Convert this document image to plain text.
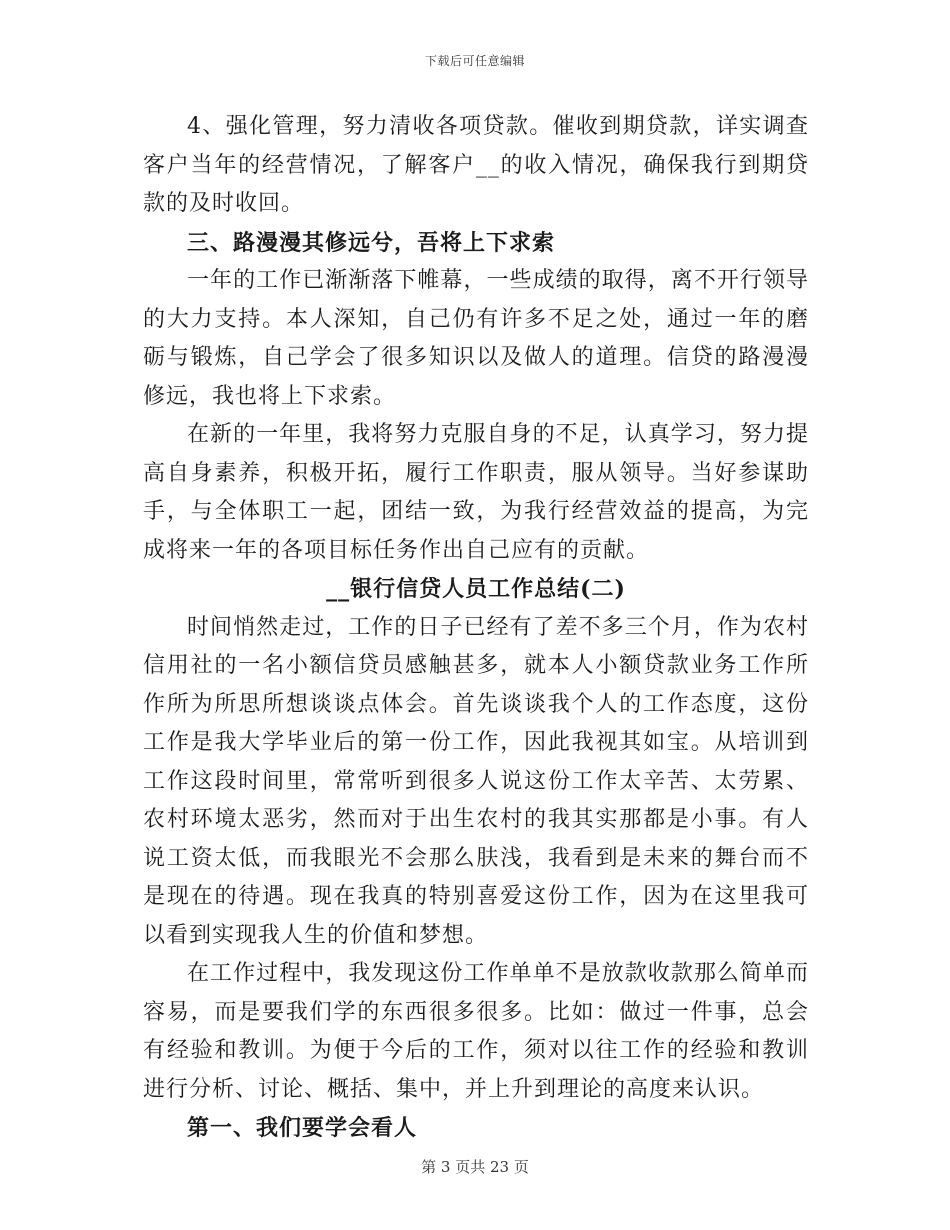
下载后可任意编辑

4、强化管理，努力清收各项贷款。催收到期贷款，详实调查客户当年的经营情况，了解客户__的收入情况，确保我行到期贷款的及时收回。

三、路漫漫其修远兮，吾将上下求索

一年的工作已渐渐落下帷幕，一些成绩的取得，离不开行领导的大力支持。本人深知，自己仍有许多不足之处，通过一年的磨砺与锻炼，自己学会了很多知识以及做人的道理。信贷的路漫漫修远，我也将上下求索。

在新的一年里，我将努力克服自身的不足，认真学习，努力提高自身素养，积极开拓，履行工作职责，服从领导。当好参谋助手，与全体职工一起，团结一致，为我行经营效益的提高，为完成将来一年的各项目标任务作出自己应有的贡献。

__银行信贷人员工作总结(二)

时间悄然走过，工作的日子已经有了差不多三个月，作为农村信用社的一名小额信贷员感触甚多，就本人小额贷款业务工作所作所为所思所想谈谈点体会。首先谈谈我个人的工作态度，这份工作是我大学毕业后的第一份工作，因此我视其如宝。从培训到工作这段时间里，常常听到很多人说这份工作太辛苦、太劳累、农村环境太恶劣，然而对于出生农村的我其实那都是小事。有人说工资太低，而我眼光不会那么肤浅，我看到是未来的舞台而不是现在的待遇。现在我真的特别喜爱这份工作，因为在这里我可以看到实现我人生的价值和梦想。

在工作过程中，我发现这份工作单单不是放款收款那么简单而容易，而是要我们学的东西很多很多。比如：做过一件事，总会有经验和教训。为便于今后的工作，须对以往工作的经验和教训进行分析、讨论、概括、集中，并上升到理论的高度来认识。

第一、我们要学会看人

第 3 页共 23 页
